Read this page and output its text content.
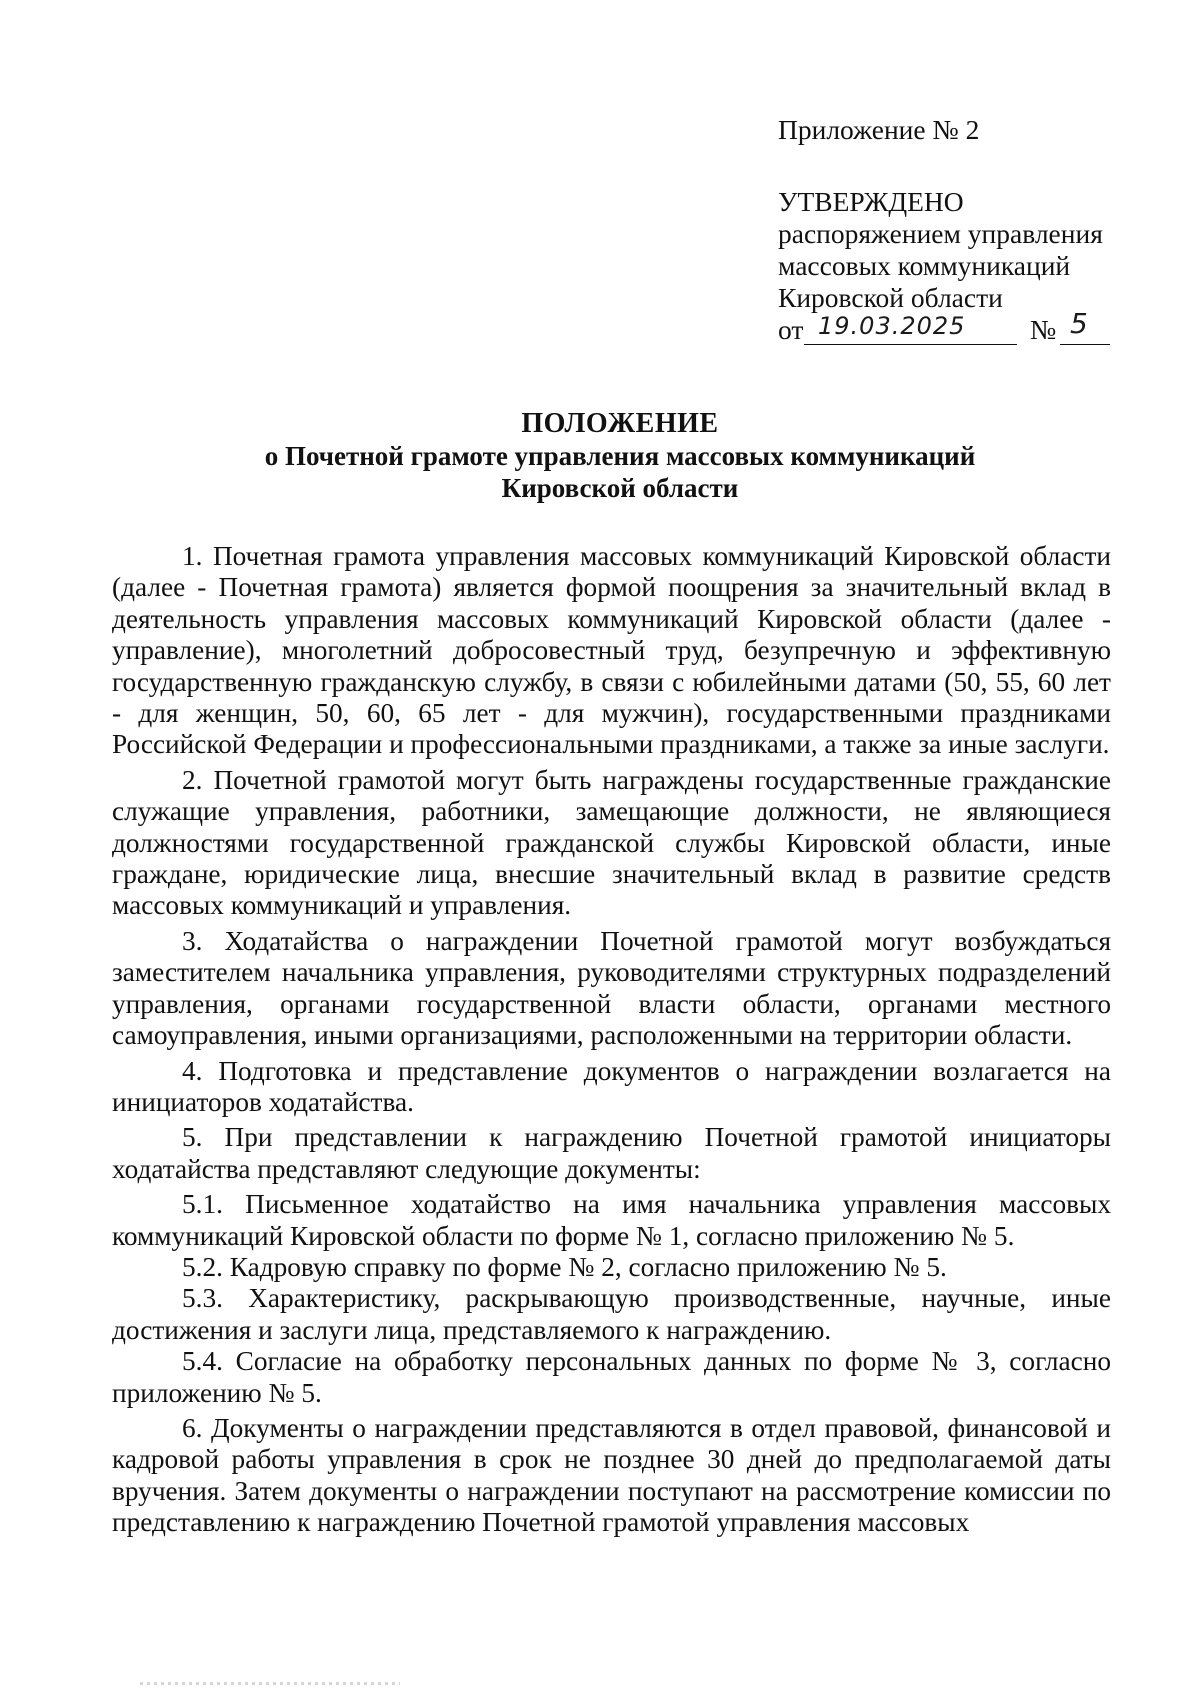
Приложение № 2

УТВЕРЖДЕНО

распоряжением управления

массовых коммуникаций

Кировской области

от 19.03.2025 № 5

ПОЛОЖЕНИЕ

о Почетной грамоте управления массовых коммуникаций Кировской области

1. Почетная грамота управления массовых коммуникаций Кировской области (далее - Почетная грамота) является формой поощрения за значительный вклад в деятельность управления массовых коммуникаций Кировской области (далее - управление), многолетний добросовестный труд, безупречную и эффективную государственную гражданскую службу, в связи с юбилейными датами (50, 55, 60 лет - для женщин, 50, 60, 65 лет - для мужчин), государственными праздниками Российской Федерации и профессиональными праздниками, а также за иные заслуги.

2. Почетной грамотой могут быть награждены государственные гражданские служащие управления, работники, замещающие должности, не являющиеся должностями государственной гражданской службы Кировской области, иные граждане, юридические лица, внесшие значительный вклад в развитие средств массовых коммуникаций и управления.

3. Ходатайства о награждении Почетной грамотой могут возбуждаться заместителем начальника управления, руководителями структурных подразделений управления, органами государственной власти области, органами местного самоуправления, иными организациями, расположенными на территории области.

4. Подготовка и представление документов о награждении возлагается на инициаторов ходатайства.

5. При представлении к награждению Почетной грамотой инициаторы ходатайства представляют следующие документы:

5.1. Письменное ходатайство на имя начальника управления массовых коммуникаций Кировской области по форме № 1, согласно приложению № 5.

5.2. Кадровую справку по форме № 2, согласно приложению № 5.

5.3. Характеристику, раскрывающую производственные, научные, иные достижения и заслуги лица, представляемого к награждению.

5.4. Согласие на обработку персональных данных по форме № 3, согласно приложению № 5.

6. Документы о награждении представляются в отдел правовой, финансовой и кадровой работы управления в срок не позднее 30 дней до предполагаемой даты вручения. Затем документы о награждении поступают на рассмотрение комиссии по представлению к награждению Почетной грамотой управления массовых
